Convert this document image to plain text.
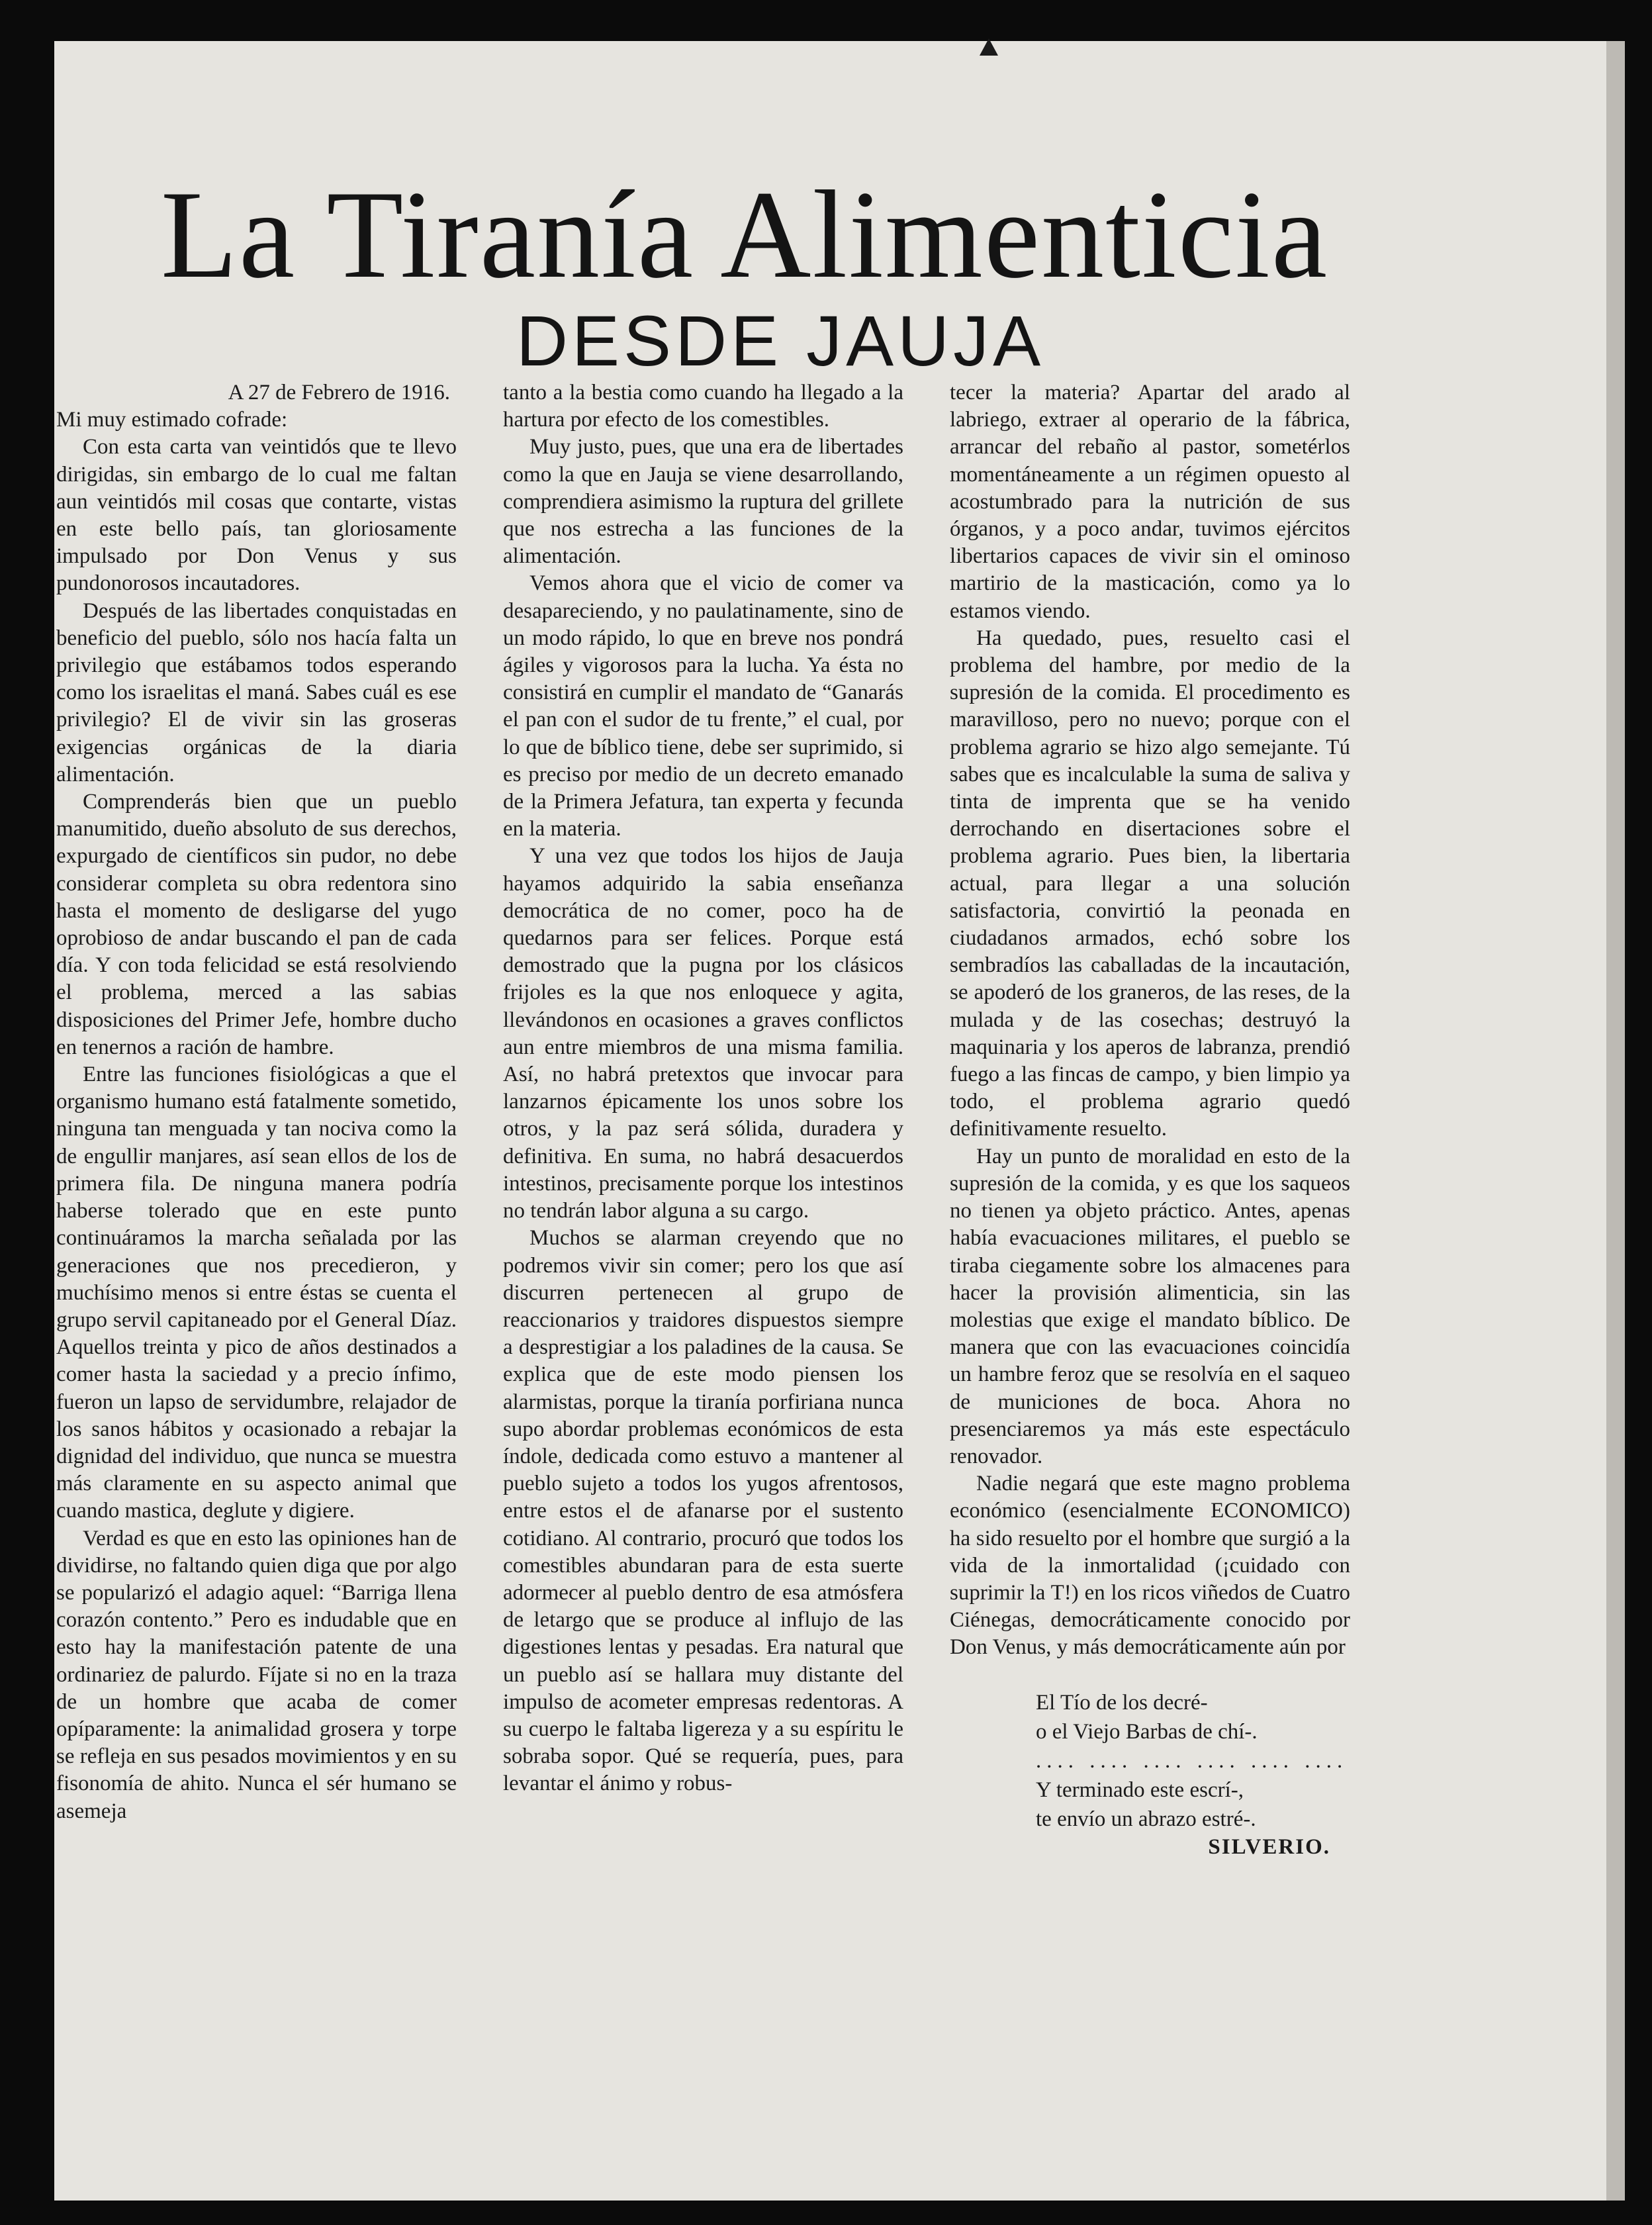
La Tiranía Alimenticia
DESDE JAUJA

A 27 de Febrero de 1916.

Mi muy estimado cofrade:

Con esta carta van veintidós que te llevo dirigidas, sin embargo de lo cual me faltan aun veintidós mil cosas que contarte, vistas en este bello país, tan gloriosamente impulsado por Don Venus y sus pundonorosos incautadores.

Después de las libertades conquistadas en beneficio del pueblo, sólo nos hacía falta un privilegio que estábamos todos esperando como los israelitas el maná. Sabes cuál es ese privilegio? El de vivir sin las groseras exigencias orgánicas de la diaria alimentación.

Comprenderás bien que un pueblo manumitido, dueño absoluto de sus derechos, expurgado de científicos sin pudor, no debe considerar completa su obra redentora sino hasta el momento de desligarse del yugo oprobioso de andar buscando el pan de cada día. Y con toda felicidad se está resolviendo el problema, merced a las sabias disposiciones del Primer Jefe, hombre ducho en tenernos a ración de hambre.

Entre las funciones fisiológicas a que el organismo humano está fatalmente sometido, ninguna tan menguada y tan nociva como la de engullir manjares, así sean ellos de los de primera fila. De ninguna manera podría haberse tolerado que en este punto continuáramos la marcha señalada por las generaciones que nos precedieron, y muchísimo menos si entre éstas se cuenta el grupo servil capitaneado por el General Díaz. Aquellos treinta y pico de años destinados a comer hasta la saciedad y a precio ínfimo, fueron un lapso de servidumbre, relajador de los sanos hábitos y ocasionado a rebajar la dignidad del individuo, que nunca se muestra más claramente en su aspecto animal que cuando mastica, deglute y digiere.

Verdad es que en esto las opiniones han de dividirse, no faltando quien diga que por algo se popularizó el adagio aquel: “Barriga llena corazón contento.” Pero es indudable que en esto hay la manifestación patente de una ordinariez de palurdo. Fíjate si no en la traza de un hombre que acaba de comer opíparamente: la animalidad grosera y torpe se refleja en sus pesados movimientos y en su fisonomía de ahito. Nunca el sér humano se asemeja

tanto a la bestia como cuando ha llegado a la hartura por efecto de los comestibles.

Muy justo, pues, que una era de libertades como la que en Jauja se viene desarrollando, comprendiera asimismo la ruptura del grillete que nos estrecha a las funciones de la alimentación.

Vemos ahora que el vicio de comer va desapareciendo, y no paulatinamente, sino de un modo rápido, lo que en breve nos pondrá ágiles y vigorosos para la lucha. Ya ésta no consistirá en cumplir el mandato de “Ganarás el pan con el sudor de tu frente,” el cual, por lo que de bíblico tiene, debe ser suprimido, si es preciso por medio de un decreto emanado de la Primera Jefatura, tan experta y fecunda en la materia.

Y una vez que todos los hijos de Jauja hayamos adquirido la sabia enseñanza democrática de no comer, poco ha de quedarnos para ser felices. Porque está demostrado que la pugna por los clásicos frijoles es la que nos enloquece y agita, llevándonos en ocasiones a graves conflictos aun entre miembros de una misma familia. Así, no habrá pretextos que invocar para lanzarnos épicamente los unos sobre los otros, y la paz será sólida, duradera y definitiva. En suma, no habrá desacuerdos intestinos, precisamente porque los intestinos no tendrán labor alguna a su cargo.

Muchos se alarman creyendo que no podremos vivir sin comer; pero los que así discurren pertenecen al grupo de reaccionarios y traidores dispuestos siempre a desprestigiar a los paladines de la causa. Se explica que de este modo piensen los alarmistas, porque la tiranía porfiriana nunca supo abordar problemas económicos de esta índole, dedicada como estuvo a mantener al pueblo sujeto a todos los yugos afrentosos, entre estos el de afanarse por el sustento cotidiano. Al contrario, procuró que todos los comestibles abundaran para de esta suerte adormecer al pueblo dentro de esa atmósfera de letargo que se produce al influjo de las digestiones lentas y pesadas. Era natural que un pueblo así se hallara muy distante del impulso de acometer empresas redentoras. A su cuerpo le faltaba ligereza y a su espíritu le sobraba sopor. Qué se requería, pues, para levantar el ánimo y robus-

tecer la materia? Apartar del arado al labriego, extraer al operario de la fábrica, arrancar del rebaño al pastor, sometérlos momentáneamente a un régimen opuesto al acostumbrado para la nutrición de sus órganos, y a poco andar, tuvimos ejércitos libertarios capaces de vivir sin el ominoso martirio de la masticación, como ya lo estamos viendo.

Ha quedado, pues, resuelto casi el problema del hambre, por medio de la supresión de la comida. El procedimento es maravilloso, pero no nuevo; porque con el problema agrario se hizo algo semejante. Tú sabes que es incalculable la suma de saliva y tinta de imprenta que se ha venido derrochando en disertaciones sobre el problema agrario. Pues bien, la libertaria actual, para llegar a una solución satisfactoria, convirtió la peonada en ciudadanos armados, echó sobre los sembradíos las caballadas de la incautación, se apoderó de los graneros, de las reses, de la mulada y de las cosechas; destruyó la maquinaria y los aperos de labranza, prendió fuego a las fincas de campo, y bien limpio ya todo, el problema agrario quedó definitivamente resuelto.

Hay un punto de moralidad en esto de la supresión de la comida, y es que los saqueos no tienen ya objeto práctico. Antes, apenas había evacuaciones militares, el pueblo se tiraba ciegamente sobre los almacenes para hacer la provisión alimenticia, sin las molestias que exige el mandato bíblico. De manera que con las evacuaciones coincidía un hambre feroz que se resolvía en el saqueo de municiones de boca. Ahora no presenciaremos ya más este espectáculo renovador.

Nadie negará que este magno problema económico (esencialmente ECONOMICO) ha sido resuelto por el hombre que surgió a la vida de la inmortalidad (¡cuidado con suprimir la T!) en los ricos viñedos de Cuatro Ciénegas, democráticamente conocido por Don Venus, y más democráticamente aún por

El Tío de los decré-
o el Viejo Barbas de chí-.
.... .... .... .... .... ....
Y terminado este escrí-,
te envío un abrazo estré-.

SILVERIO.
